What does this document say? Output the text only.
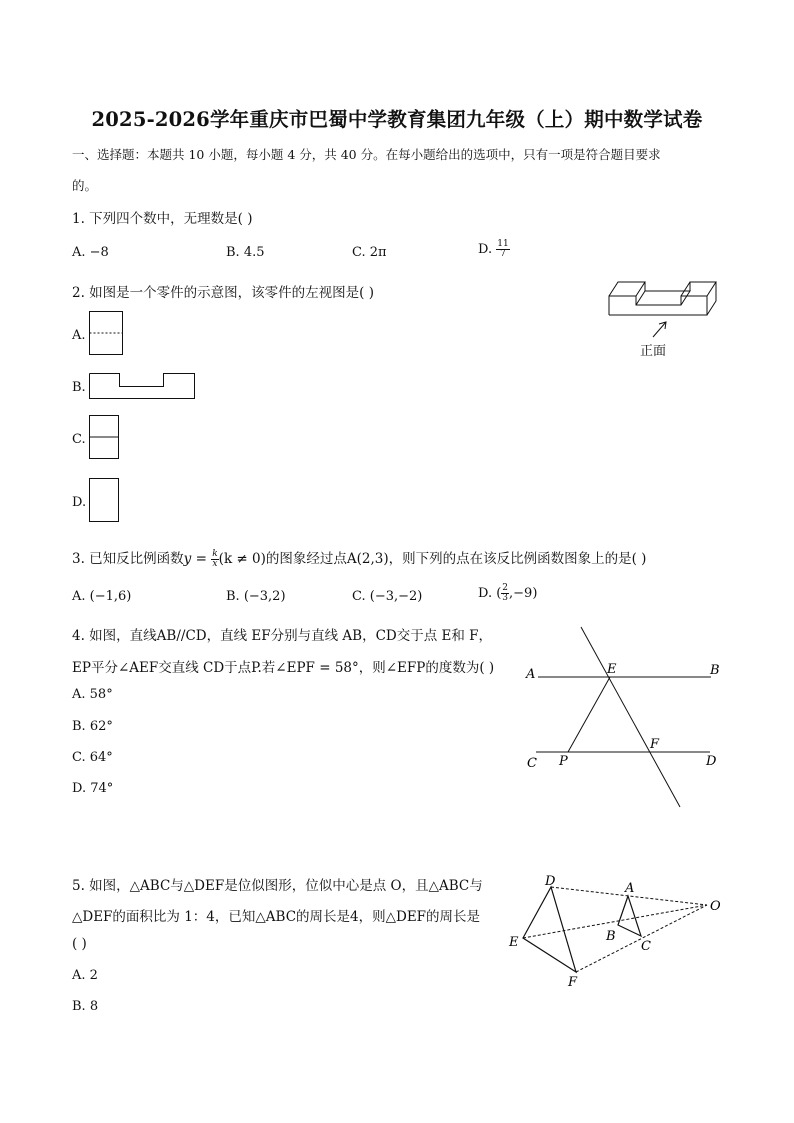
2025-2026学年重庆市巴蜀中学教育集团九年级（上）期中数学试卷
一、选择题：本题共 10 小题，每小题 4 分，共 40 分。在每小题给出的选项中，只有一项是符合题目要求
的。
1. 下列四个数中，无理数是( )
A. −8	B. 4.5	C. 2π	D. $\frac{11}{7}$
2. 如图是一个零件的示意图，该零件的左视图是( )
A.
B.
C.
D.
正面
3. 已知反比例函数$y = \frac{k}{x} (k \ne 0)$的图象经过点A(2,3)，则下列的点在该反比例函数图象上的是( )
A. (−1,6)	B. (−3,2)	C. (−3,−2)	D. ( $\frac{2}{3} ,-9$)
4. 如图，直线AB//CD，直线 EF分别与直线 AB，CD交于点 E和 F，
EP平分∠AEF交直线 CD于点P.若∠EPF = 58°，则∠EFP的度数为( )
A. 58°
B. 62°
C. 64°
D. 74°
A	E	B
F
C P	D
5. 如图，△ABC与△DEF是位似图形，位似中心是点 O，且△ABC与
△DEF的面积比为 1：4，已知△ABC的周长是4，则△DEF的周长是
( )
A. 2
B. 8
D	A
O
B
C
E
F
